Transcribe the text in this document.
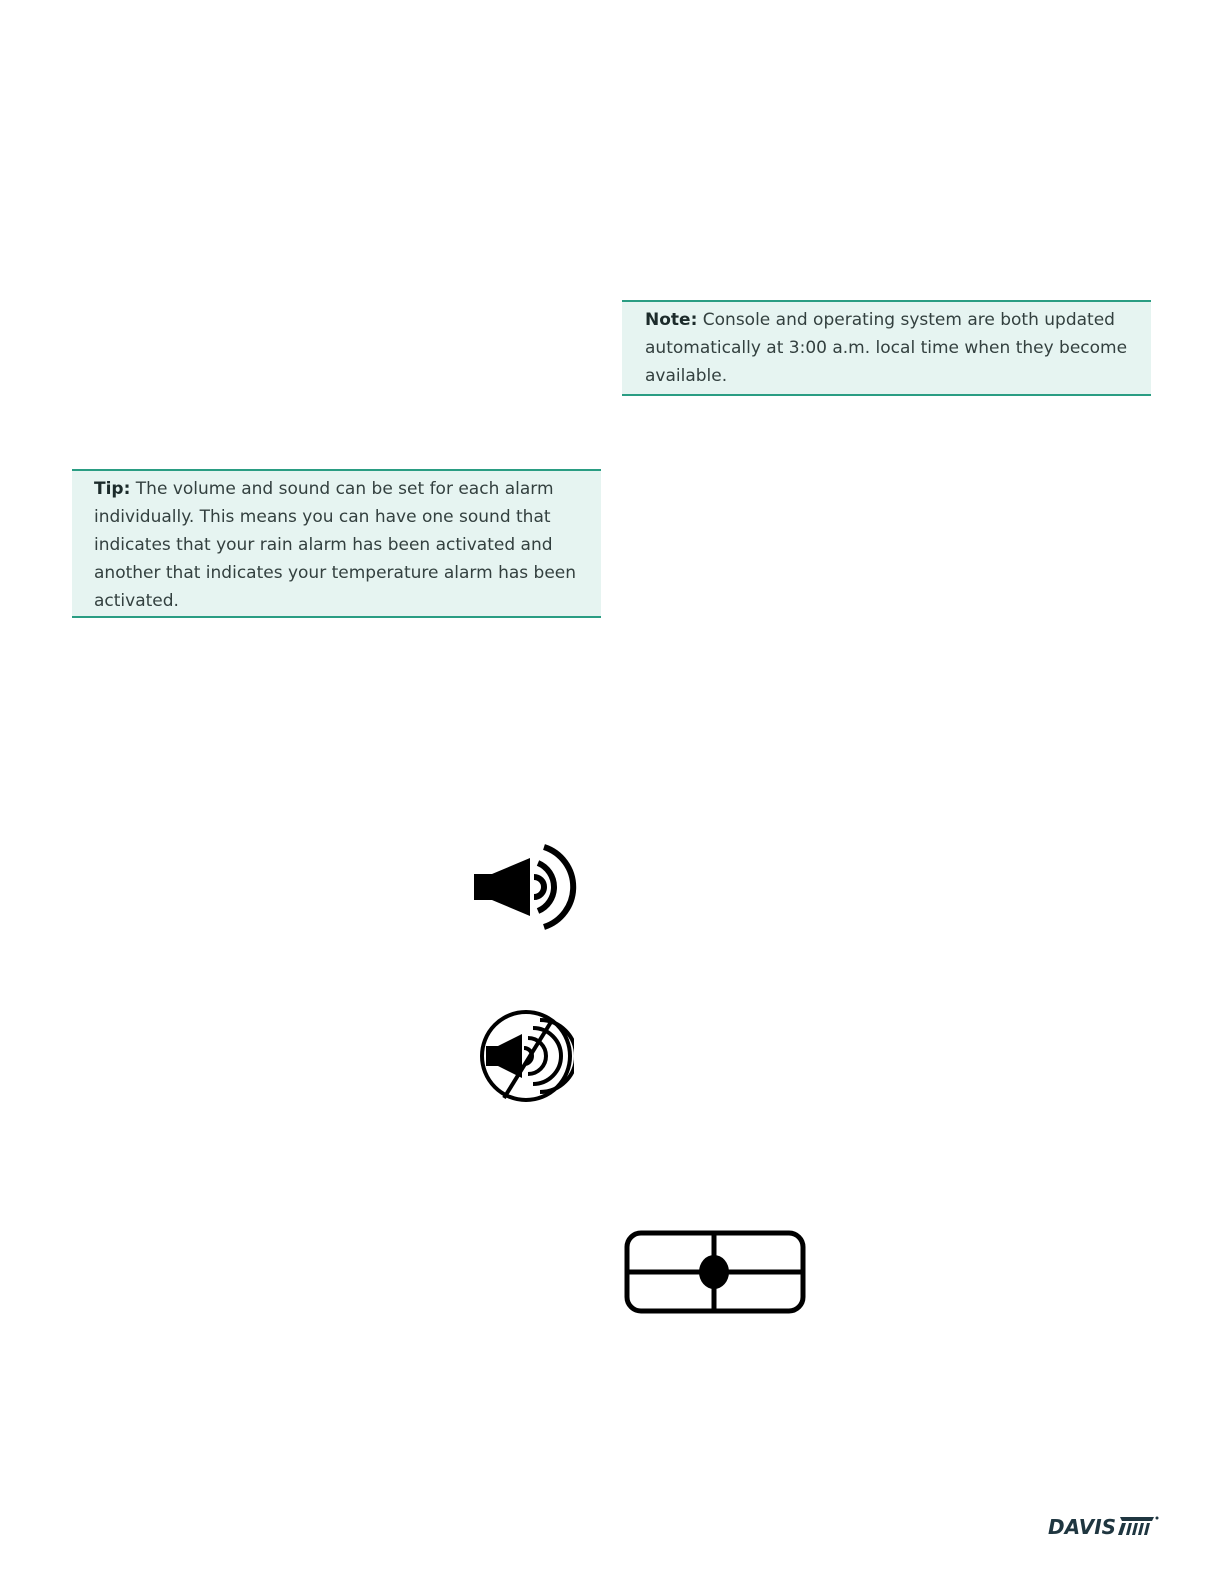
Note: Console and operating system are both updated automatically at 3:00 a.m. local time when they become available.
Tip: The volume and sound can be set for each alarm individually. This means you can have one sound that indicates that your rain alarm has been activated and another that indicates your temperature alarm has been activated.
DAVIS
